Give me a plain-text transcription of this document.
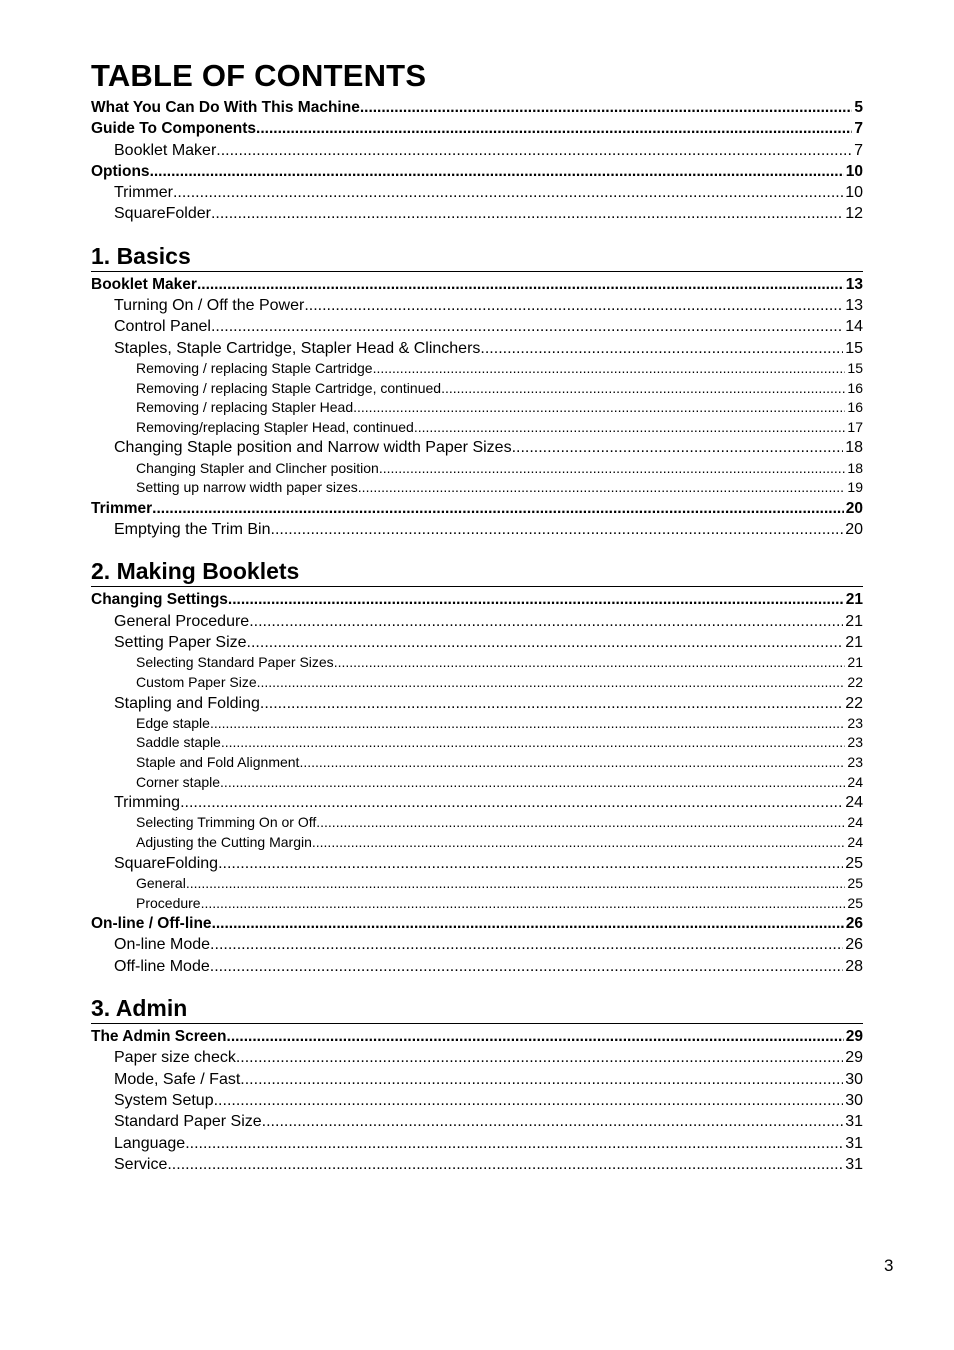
TABLE OF CONTENTS
What You Can Do With This Machine .....	5
Guide To Components .....	7
Booklet Maker .....	7
Options .....	10
Trimmer .....	10
SquareFolder .....	12
1. Basics
Booklet Maker .....	13
Turning On / Off the Power .....	13
Control Panel .....	14
Staples, Staple Cartridge, Stapler Head & Clinchers .....	15
Removing / replacing Staple Cartridge .....	15
Removing / replacing Staple Cartridge, continued .....	16
Removing / replacing Stapler Head .....	16
Removing/replacing Stapler Head, continued .....	17
Changing Staple position and Narrow width Paper Sizes .....	18
Changing Stapler and Clincher position .....	18
Setting up narrow width paper sizes .....	19
Trimmer .....	20
Emptying the Trim Bin .....	20
2. Making Booklets
Changing Settings .....	21
General Procedure .....	21
Setting Paper Size .....	21
Selecting Standard Paper Sizes .....	21
Custom Paper Size .....	22
Stapling and Folding .....	22
Edge staple .....	23
Saddle staple .....	23
Staple and Fold Alignment .....	23
Corner staple .....	24
Trimming .....	24
Selecting Trimming On or Off .....	24
Adjusting the Cutting Margin .....	24
SquareFolding .....	25
General .....	25
Procedure .....	25
On-line / Off-line .....	26
On-line Mode .....	26
Off-line Mode .....	28
3. Admin
The Admin Screen .....	29
Paper size check .....	29
Mode, Safe / Fast .....	30
System Setup .....	30
Standard Paper Size .....	31
Language .....	31
Service .....	31
3
